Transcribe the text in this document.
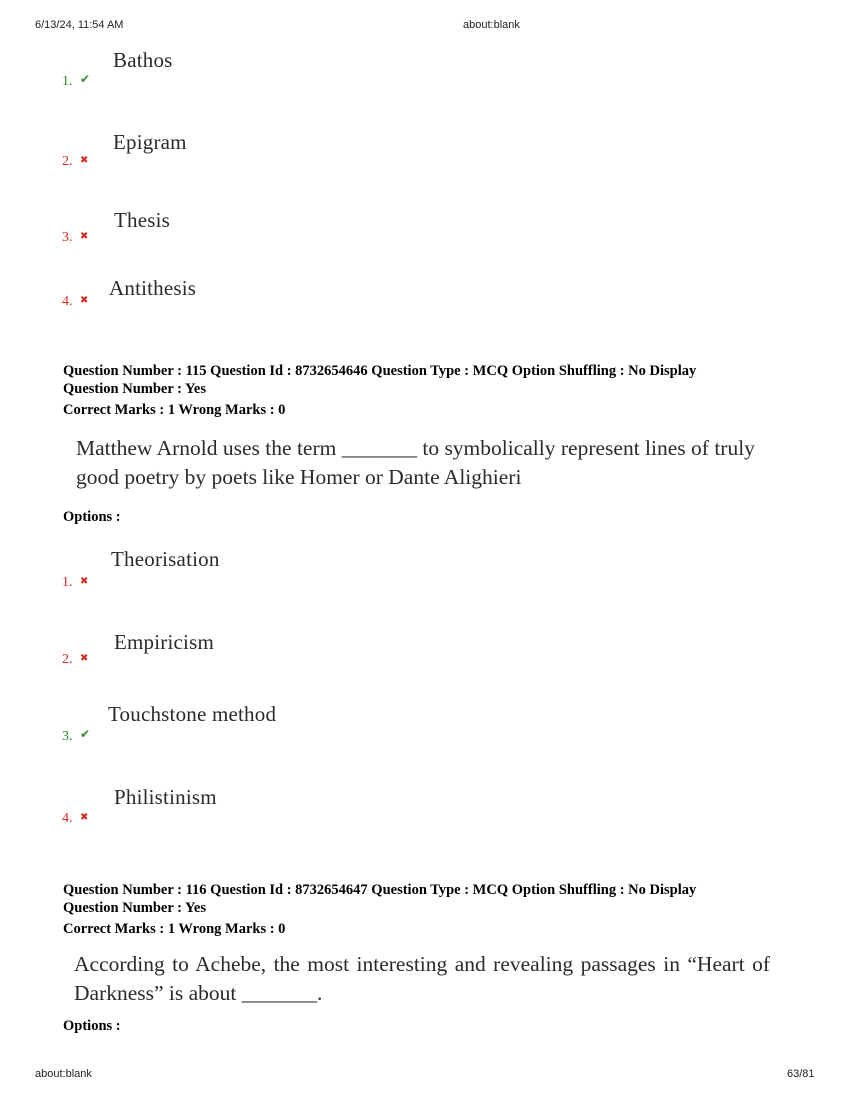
6/13/24, 11:54 AM	about:blank
1. ✔
Bathos
2. ✖
Epigram
3. ✖
Thesis
4. ✖
Antithesis
Question Number : 115 Question Id : 8732654646 Question Type : MCQ Option Shuffling : No Display
Question Number : Yes
Correct Marks : 1 Wrong Marks : 0
Matthew Arnold uses the term _______ to symbolically represent lines of truly good poetry by poets like Homer or Dante Alighieri
Options :
1. ✖
Theorisation
2. ✖
Empiricism
3. ✔
Touchstone method
4. ✖
Philistinism
Question Number : 116 Question Id : 8732654647 Question Type : MCQ Option Shuffling : No Display
Question Number : Yes
Correct Marks : 1 Wrong Marks : 0
According to Achebe, the most interesting and revealing passages in “Heart of Darkness” is about _______.
Options :
about:blank	63/81
